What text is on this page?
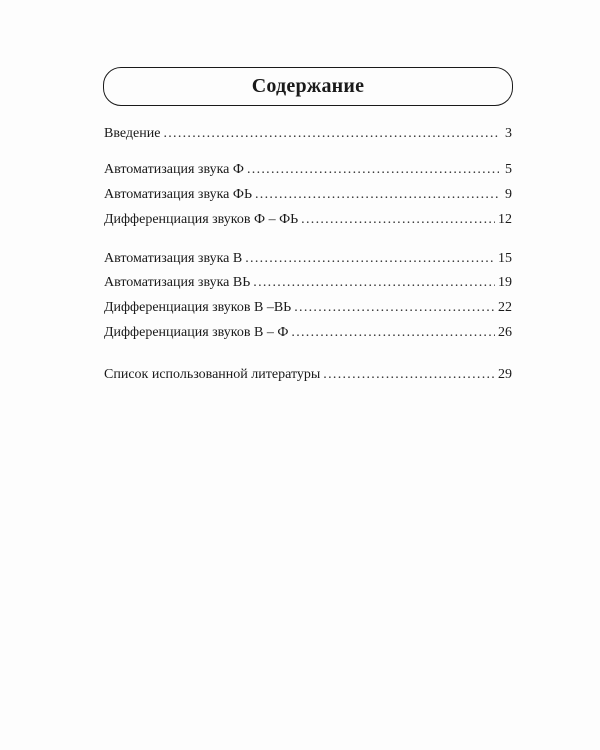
Содержание
Введение .....	3
Автоматизация звука Ф .....	5
Автоматизация звука ФЬ .....	9
Дифференциация звуков Ф – ФЬ .....	12
Автоматизация звука В .....	15
Автоматизация звука ВЬ .....	19
Дифференциация звуков В –ВЬ .....	22
Дифференциация звуков В – Ф .....	26
Список использованной литературы .....	29
